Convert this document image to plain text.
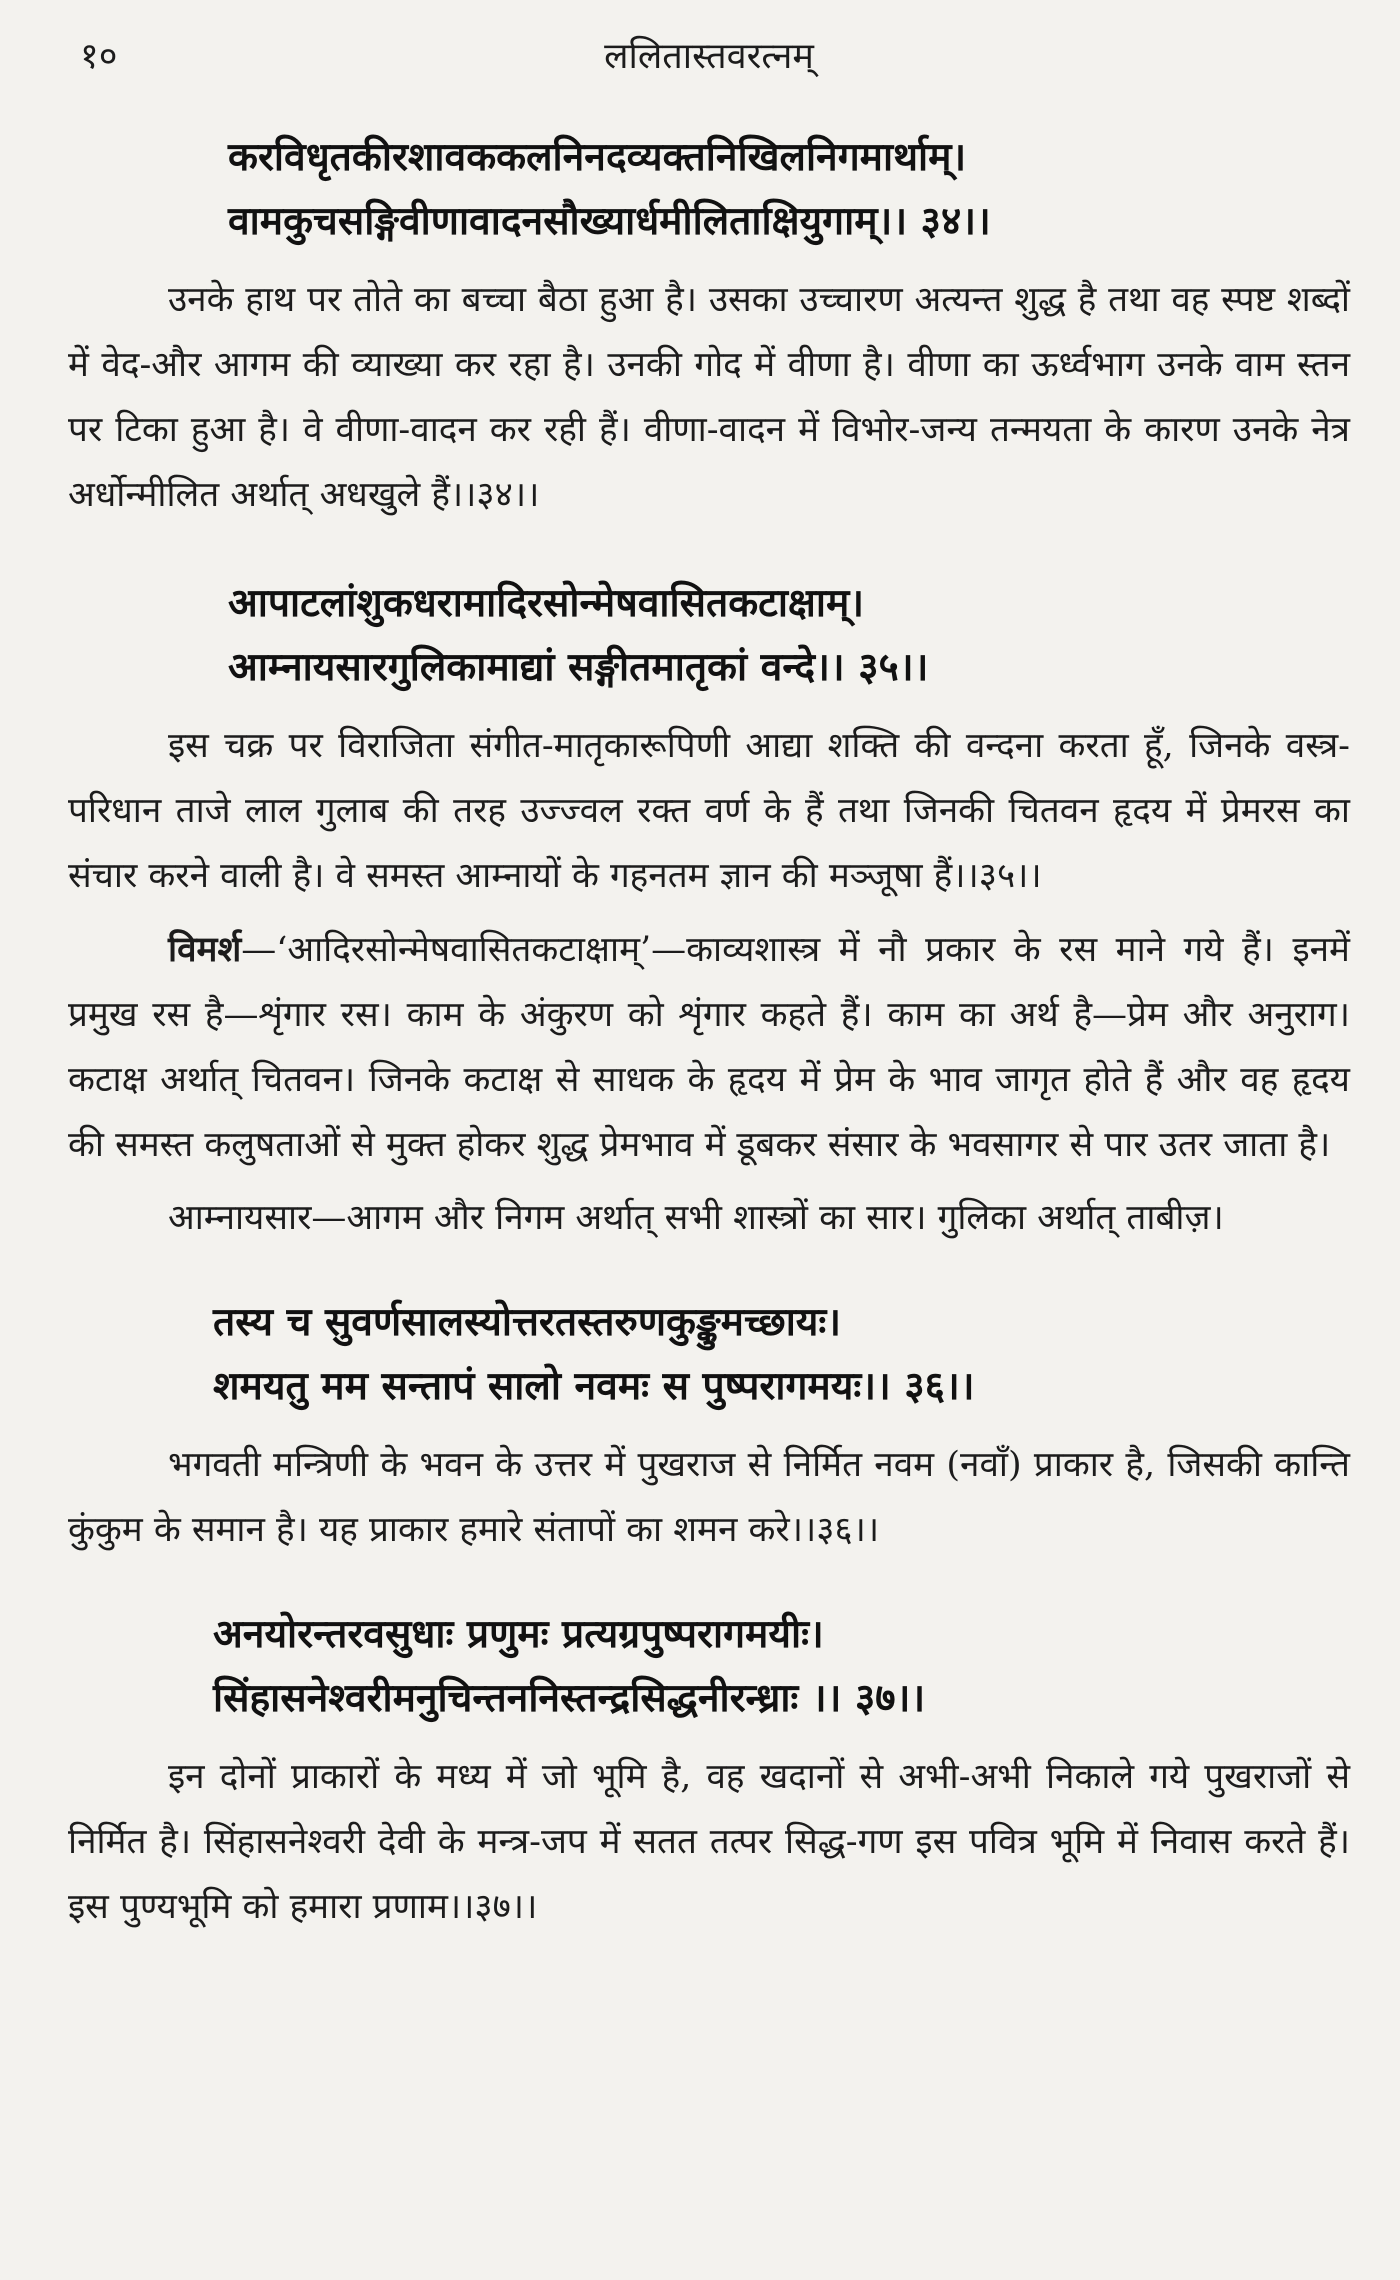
१०	ललितास्तवरत्नम्
करविधृतकीरशावककलनिनदव्यक्तनिखिलनिगमार्थाम्।
वामकुचसङ्गिवीणावादनसौख्यार्धमीलिताक्षियुगाम्।। ३४।।

उनके हाथ पर तोते का बच्चा बैठा हुआ है। उसका उच्चारण अत्यन्त शुद्ध है तथा वह स्पष्ट शब्दों में वेद-और आगम की व्याख्या कर रहा है। उनकी गोद में वीणा है। वीणा का ऊर्ध्वभाग उनके वाम स्तन पर टिका हुआ है। वे वीणा-वादन कर रही हैं। वीणा-वादन में विभोर-जन्य तन्मयता के कारण उनके नेत्र अर्धोन्मीलित अर्थात् अधखुले हैं।।३४।।

आपाटलांशुकधरामादिरसोन्मेषवासितकटाक्षाम्।
आम्नायसारगुलिकामाद्यां सङ्गीतमातृकां वन्दे।। ३५।।

इस चक्र पर विराजिता संगीत-मातृकारूपिणी आद्या शक्ति की वन्दना करता हूँ, जिनके वस्त्र-परिधान ताजे लाल गुलाब की तरह उज्ज्वल रक्त वर्ण के हैं तथा जिनकी चितवन हृदय में प्रेमरस का संचार करने वाली है। वे समस्त आम्नायों के गहनतम ज्ञान की मञ्जूषा हैं।।३५।।

विमर्श—‘आदिरसोन्मेषवासितकटाक्षाम्’—काव्यशास्त्र में नौ प्रकार के रस माने गये हैं। इनमें प्रमुख रस है—शृंगार रस। काम के अंकुरण को शृंगार कहते हैं। काम का अर्थ है—प्रेम और अनुराग। कटाक्ष अर्थात् चितवन। जिनके कटाक्ष से साधक के हृदय में प्रेम के भाव जागृत होते हैं और वह हृदय की समस्त कलुषताओं से मुक्त होकर शुद्ध प्रेमभाव में डूबकर संसार के भवसागर से पार उतर जाता है।

आम्नायसार—आगम और निगम अर्थात् सभी शास्त्रों का सार। गुलिका अर्थात् ताबीज़।

तस्य च सुवर्णसालस्योत्तरतस्तरुणकुङ्कुमच्छायः।
शमयतु मम सन्तापं सालो नवमः स पुष्परागमयः।। ३६।।

भगवती मन्त्रिणी के भवन के उत्तर में पुखराज से निर्मित नवम (नवाँ) प्राकार है, जिसकी कान्ति कुंकुम के समान है। यह प्राकार हमारे संतापों का शमन करे।।३६।।

अनयोरन्तरवसुधाः प्रणुमः प्रत्यग्रपुष्परागमयीः।
सिंहासनेश्वरीमनुचिन्तननिस्तन्द्रसिद्धनीरन्ध्राः ।। ३७।।

इन दोनों प्राकारों के मध्य में जो भूमि है, वह खदानों से अभी-अभी निकाले गये पुखराजों से निर्मित है। सिंहासनेश्वरी देवी के मन्त्र-जप में सतत तत्पर सिद्ध-गण इस पवित्र भूमि में निवास करते हैं। इस पुण्यभूमि को हमारा प्रणाम।।३७।।
